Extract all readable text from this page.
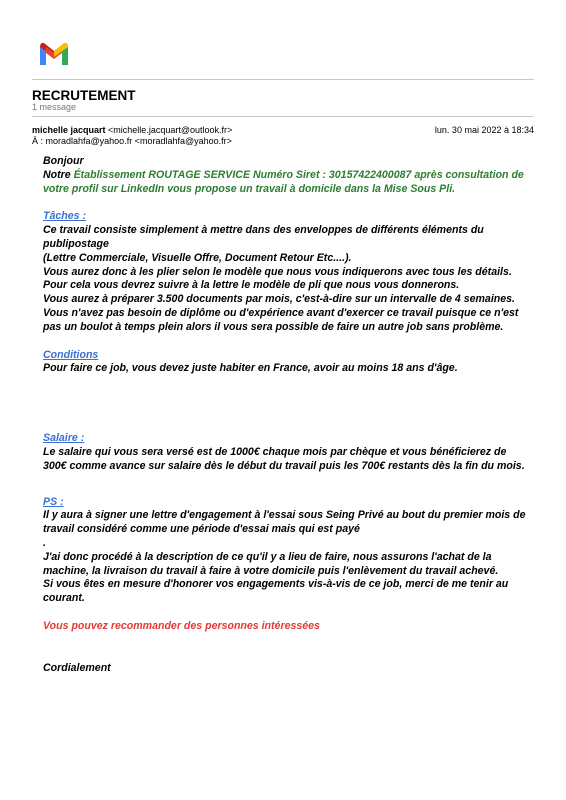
RECRUTEMENT
1 message
michelle jacquart <michelle.jacquart@outlook.fr>	lun. 30 mai 2022 à 18:34
À : moradlahfa@yahoo.fr <moradlahfa@yahoo.fr>

Bonjour

Notre Établissement ROUTAGE SERVICE Numéro Siret : 30157422400087 après consultation de votre profil sur LinkedIn vous propose un travail à domicile dans la Mise Sous Pli.

Tâches :

Ce travail consiste simplement à mettre dans des enveloppes de différents éléments du publipostage

(Lettre Commerciale, Visuelle Offre, Document Retour Etc....).

Vous aurez donc à les plier selon le modèle que nous vous indiquerons avec tous les détails.

Pour cela vous devrez suivre à la lettre le modèle de pli que nous vous donnerons.

Vous aurez à préparer 3.500 documents par mois, c'est-à-dire sur un intervalle de 4 semaines.

Vous n'avez pas besoin de diplôme ou d'expérience avant d'exercer ce travail puisque ce n'est pas un boulot à temps plein alors il vous sera possible de faire un autre job sans problème.

Conditions

Pour faire ce job, vous devez juste habiter en France, avoir au moins 18 ans d'âge.

Salaire :

Le salaire qui vous sera versé est de 1000€ chaque mois par chèque et vous bénéficierez de 300€ comme avance sur salaire dès le début du travail puis les 700€ restants dès la fin du mois.

PS :

Il y aura à signer une lettre d'engagement à l'essai sous Seing Privé au bout du premier mois de travail considéré comme une période d'essai mais qui est payé

.

J'ai donc procédé à la description de ce qu'il y a lieu de faire, nous assurons l'achat de la machine, la livraison du travail à faire à votre domicile puis l'enlèvement du travail achevé.

Si vous êtes en mesure d'honorer vos engagements vis-à-vis de ce job, merci de me tenir au courant.

Vous pouvez recommander des personnes intéressées

Cordialement
